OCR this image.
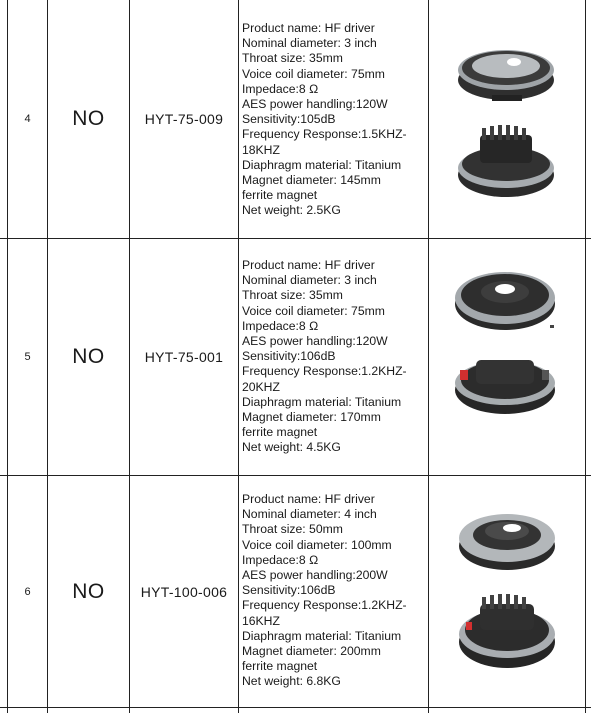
4	NO	HYT-75-009
Product name: HF driver
Nominal diameter: 3 inch
Throat size: 35mm
Voice coil diameter: 75mm
Impedace:8 Ω
AES power handling:120W
Sensitivity:105dB
Frequency Response:1.5KHZ-
18KHZ
Diaphragm material: Titanium
Magnet diameter: 145mm
ferrite magnet
Net weight: 2.5KG
5	NO	HYT-75-001
Product name: HF driver
Nominal diameter: 3 inch
Throat size: 35mm
Voice coil diameter: 75mm
Impedace:8 Ω
AES power handling:120W
Sensitivity:106dB
Frequency Response:1.2KHZ-
20KHZ
Diaphragm material: Titanium
Magnet diameter: 170mm
ferrite magnet
Net weight: 4.5KG
6	NO	HYT-100-006
Product name: HF driver
Nominal diameter: 4 inch
Throat size: 50mm
Voice coil diameter: 100mm
Impedace:8 Ω
AES power handling:200W
Sensitivity:106dB
Frequency Response:1.2KHZ-
16KHZ
Diaphragm material: Titanium
Magnet diameter: 200mm
ferrite magnet
Net weight: 6.8KG
